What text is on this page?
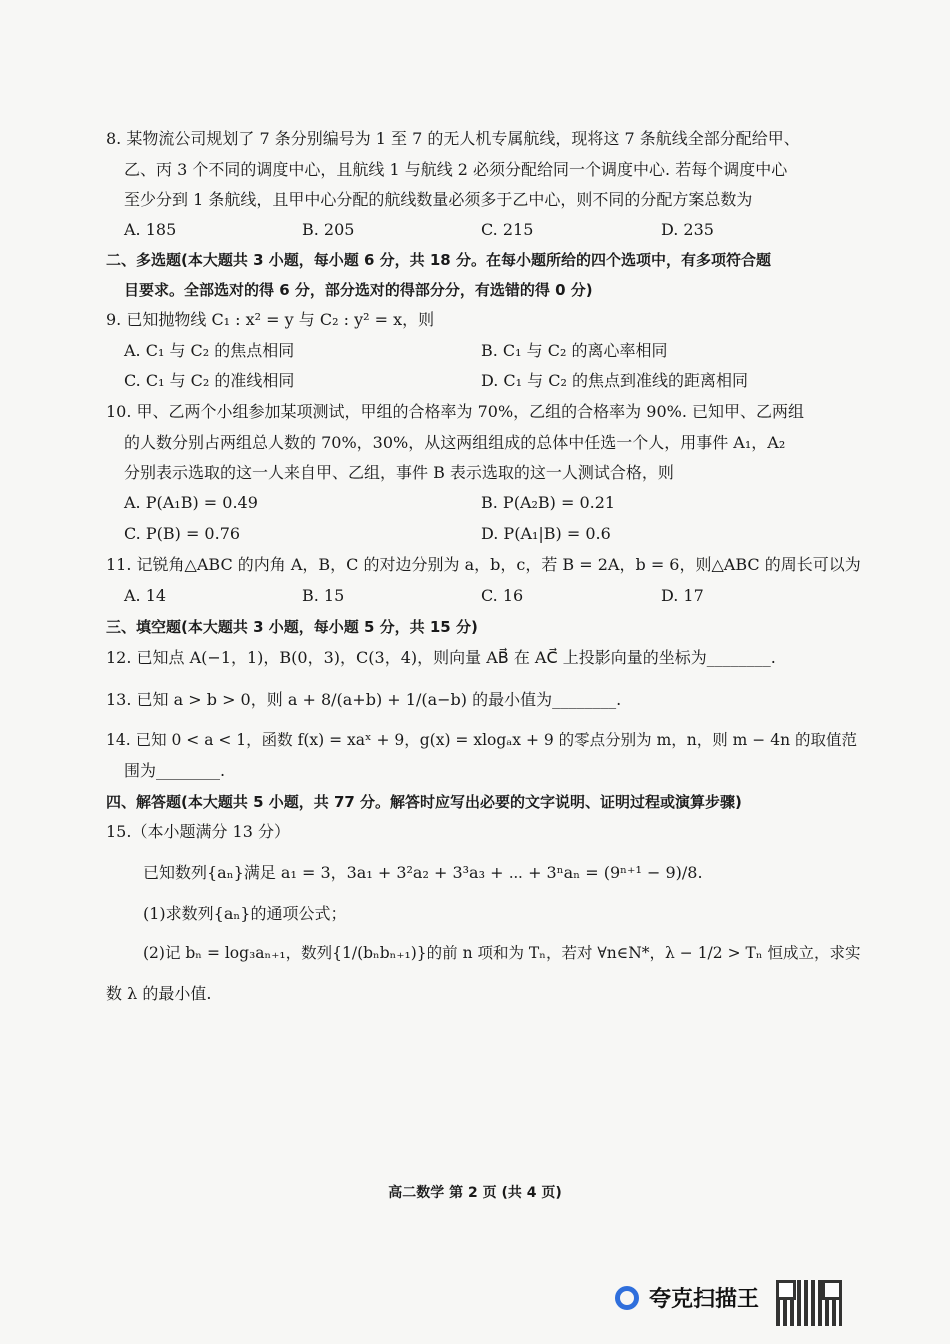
8. 某物流公司规划了 7 条分别编号为 1 至 7 的无人机专属航线，现将这 7 条航线全部分配给甲、
乙、丙 3 个不同的调度中心，且航线 1 与航线 2 必须分配给同一个调度中心. 若每个调度中心
至少分到 1 条航线，且甲中心分配的航线数量必须多于乙中心，则不同的分配方案总数为
A. 185	B. 205	C. 215	D. 235
二、多选题(本大题共 3 小题，每小题 6 分，共 18 分。在每小题所给的四个选项中，有多项符合题
目要求。全部选对的得 6 分，部分选对的得部分分，有选错的得 0 分)
9. 已知抛物线 C₁ : x² = y 与 C₂ : y² = x，则
A. C₁ 与 C₂ 的焦点相同	B. C₁ 与 C₂ 的离心率相同
C. C₁ 与 C₂ 的准线相同	D. C₁ 与 C₂ 的焦点到准线的距离相同
10. 甲、乙两个小组参加某项测试，甲组的合格率为 70%，乙组的合格率为 90%. 已知甲、乙两组
的人数分别占两组总人数的 70%，30%，从这两组组成的总体中任选一个人，用事件 A₁，A₂
分别表示选取的这一人来自甲、乙组，事件 B 表示选取的这一人测试合格，则
A. P(A₁B) = 0.49	B. P(A₂B) = 0.21
C. P(B) = 0.76	D. P(A₁|B) = 0.6
11. 记锐角△ABC 的内角 A，B，C 的对边分别为 a，b，c，若 B = 2A，b = 6，则△ABC 的周长可以为
A. 14	B. 15	C. 16	D. 17
三、填空题(本大题共 3 小题，每小题 5 分，共 15 分)
12. 已知点 A(−1，1)，B(0，3)，C(3，4)，则向量 AB⃗ 在 AC⃗ 上投影向量的坐标为________.
13. 已知 a > b > 0，则 a + 8/(a+b) + 1/(a−b) 的最小值为________.
14. 已知 0 < a < 1，函数 f(x) = xaˣ + 9，g(x) = xlogₐx + 9 的零点分别为 m，n，则 m − 4n 的取值范
围为________.
四、解答题(本大题共 5 小题，共 77 分。解答时应写出必要的文字说明、证明过程或演算步骤)
15.（本小题满分 13 分）
已知数列{aₙ}满足 a₁ = 3，3a₁ + 3²a₂ + 3³a₃ + ⋯ + 3ⁿaₙ = (9ⁿ⁺¹ − 9)/8.
(1)求数列{aₙ}的通项公式；
(2)记 bₙ = log₃aₙ₊₁，数列{1/(bₙbₙ₊₁)}的前 n 项和为 Tₙ，若对 ∀n∈N*，λ − 1/2 > Tₙ 恒成立，求实
数 λ 的最小值.
高二数学 第 2 页 (共 4 页)
夸克扫描王
